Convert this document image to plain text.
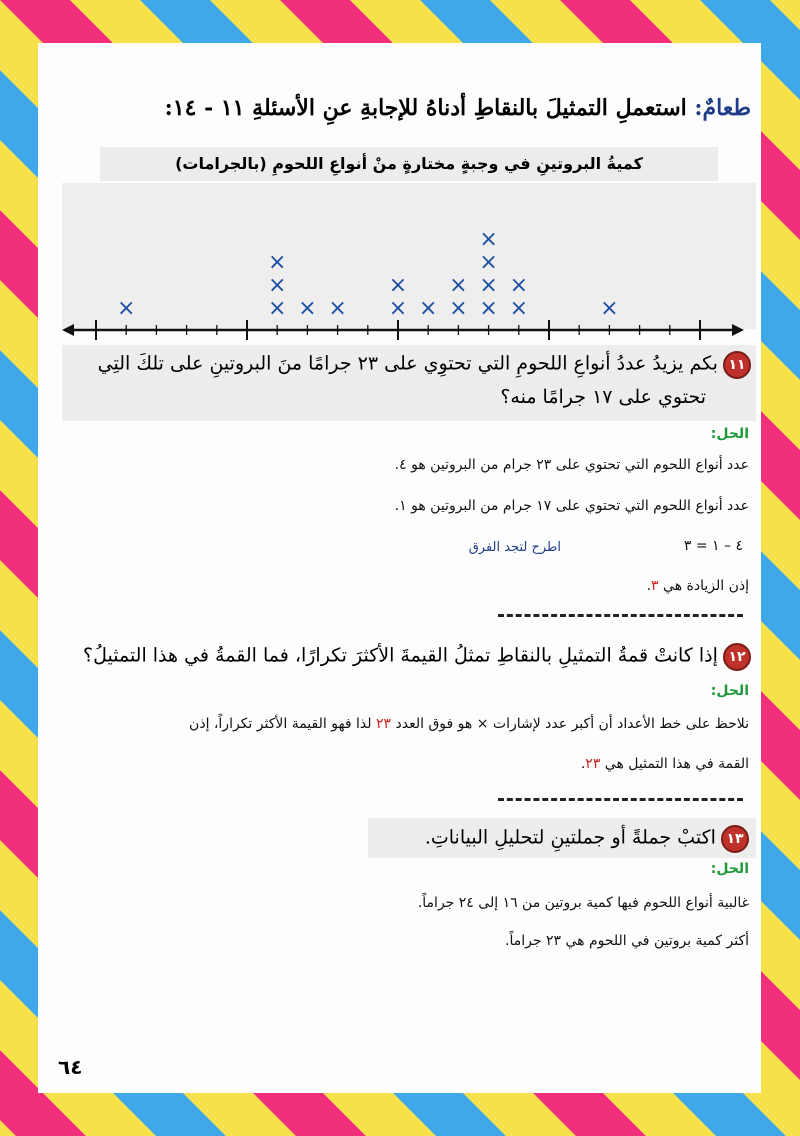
طعامٌ: استعملِ التمثيلَ بالنقاطِ أدناهُ للإجابةِ عنِ الأسئلةِ ١١ - ١٤:
كميةُ البروتينِ في وجبةٍ مختارةٍ منْ أنواعِ اللحومِ (بالجرامات)
×	×
×
×
× × ×
×
× ×
×
×
×
×
×
×
×
×
١١ بكم يزيدُ عددُ أنواعِ اللحومِ التي تحتوِي على ٢٣ جرامًا منَ البروتينِ على تلكَ التِي
تحتوي على ١٧ جرامًا منه؟
الحل:
عدد أنواع اللحوم التي تحتوي على ٢٣ جرام من البروتين هو ٤.
عدد أنواع اللحوم التي تحتوي على ١٧ جرام من البروتين هو ١.
٤ – ١ = ٣
اطرح لتجد الفرق
إذن الزيادة هي ٣.
١٢ إذا كانتْ قمةُ التمثيلِ بالنقاطِ تمثلُ القيمةَ الأكثرَ تكرارًا، فما القمةُ في هذا التمثيلُ؟
الحل:
نلاحظ على خط الأعداد أن أكبر عدد لإشارات × هو فوق العدد ٢٣ لذا فهو القيمة الأكثر تكراراً، إذن
القمة في هذا التمثيل هي ٢٣.
١٣ اكتبْ جملةً أو جملتينِ لتحليلِ البياناتِ.
الحل:
غالبية أنواع اللحوم فيها كمية بروتين من ١٦ إلى ٢٤ جراماً.
أكثر كمية بروتين في اللحوم هي ٢٣ جراماً.
٦٤
